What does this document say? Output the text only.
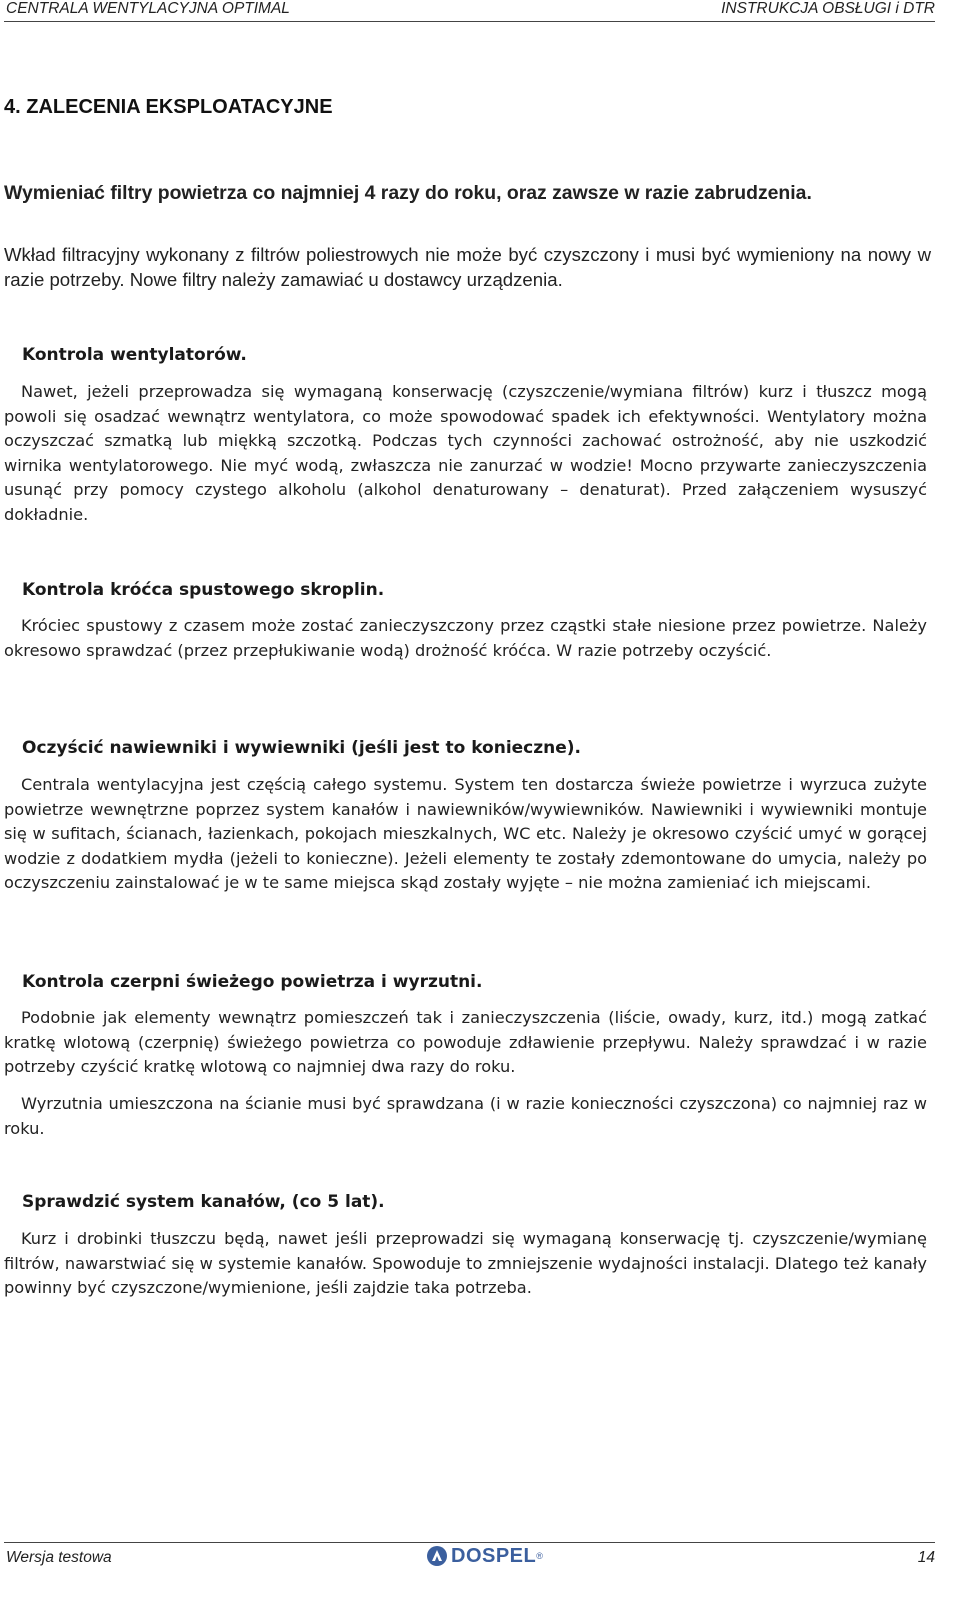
CENTRALA WENTYLACYJNA OPTIMAL	INSTRUKCJA OBSŁUGI i DTR
4. ZALECENIA EKSPLOATACYJNE

Wymieniać filtry powietrza co najmniej 4 razy do roku, oraz zawsze w razie zabrudzenia.

Wkład filtracyjny wykonany z filtrów poliestrowych nie może być czyszczony i musi być wymieniony na nowy w razie potrzeby. Nowe filtry należy zamawiać u dostawcy urządzenia.

Kontrola wentylatorów.

Nawet, jeżeli przeprowadza się wymaganą konserwację (czyszczenie/wymiana filtrów) kurz i tłuszcz mogą powoli się osadzać wewnątrz wentylatora, co może spowodować spadek ich efektywności. Wentylatory można oczyszczać szmatką lub miękką szczotką. Podczas tych czynności zachować ostrożność, aby nie uszkodzić wirnika wentylatorowego. Nie myć wodą, zwłaszcza nie zanurzać w wodzie! Mocno przywarte zanieczyszczenia usunąć przy pomocy czystego alkoholu (alkohol denaturowany – denaturat). Przed załączeniem wysuszyć dokładnie.

Kontrola króćca spustowego skroplin.

Króciec spustowy z czasem może zostać zanieczyszczony przez cząstki stałe niesione przez powietrze. Należy okresowo sprawdzać (przez przepłukiwanie wodą) drożność króćca. W razie potrzeby oczyścić.

Oczyścić nawiewniki i wywiewniki (jeśli jest to konieczne).

Centrala wentylacyjna jest częścią całego systemu. System ten dostarcza świeże powietrze i wyrzuca zużyte powietrze wewnętrzne poprzez system kanałów i nawiewników/wywiewników. Nawiewniki i wywiewniki montuje się w sufitach, ścianach, łazienkach, pokojach mieszkalnych, WC etc. Należy je okresowo czyścić umyć w gorącej wodzie z dodatkiem mydła (jeżeli to konieczne). Jeżeli elementy te zostały zdemontowane do umycia, należy po oczyszczeniu zainstalować je w te same miejsca skąd zostały wyjęte – nie można zamieniać ich miejscami.

Kontrola czerpni świeżego powietrza i wyrzutni.

Podobnie jak elementy wewnątrz pomieszczeń tak i zanieczyszczenia (liście, owady, kurz, itd.) mogą zatkać kratkę wlotową (czerpnię) świeżego powietrza co powoduje zdławienie przepływu. Należy sprawdzać i w razie potrzeby czyścić kratkę wlotową co najmniej dwa razy do roku.

Wyrzutnia umieszczona na ścianie musi być sprawdzana (i w razie konieczności czyszczona) co najmniej raz w roku.

Sprawdzić system kanałów, (co 5 lat).

Kurz i drobinki tłuszczu będą, nawet jeśli przeprowadzi się wymaganą konserwację tj. czyszczenie/wymianę filtrów, nawarstwiać się w systemie kanałów. Spowoduje to zmniejszenie wydajności instalacji. Dlatego też kanały powinny być czyszczone/wymienione, jeśli zajdzie taka potrzeba.

Wersja testowa	DOSPEL ®	14
